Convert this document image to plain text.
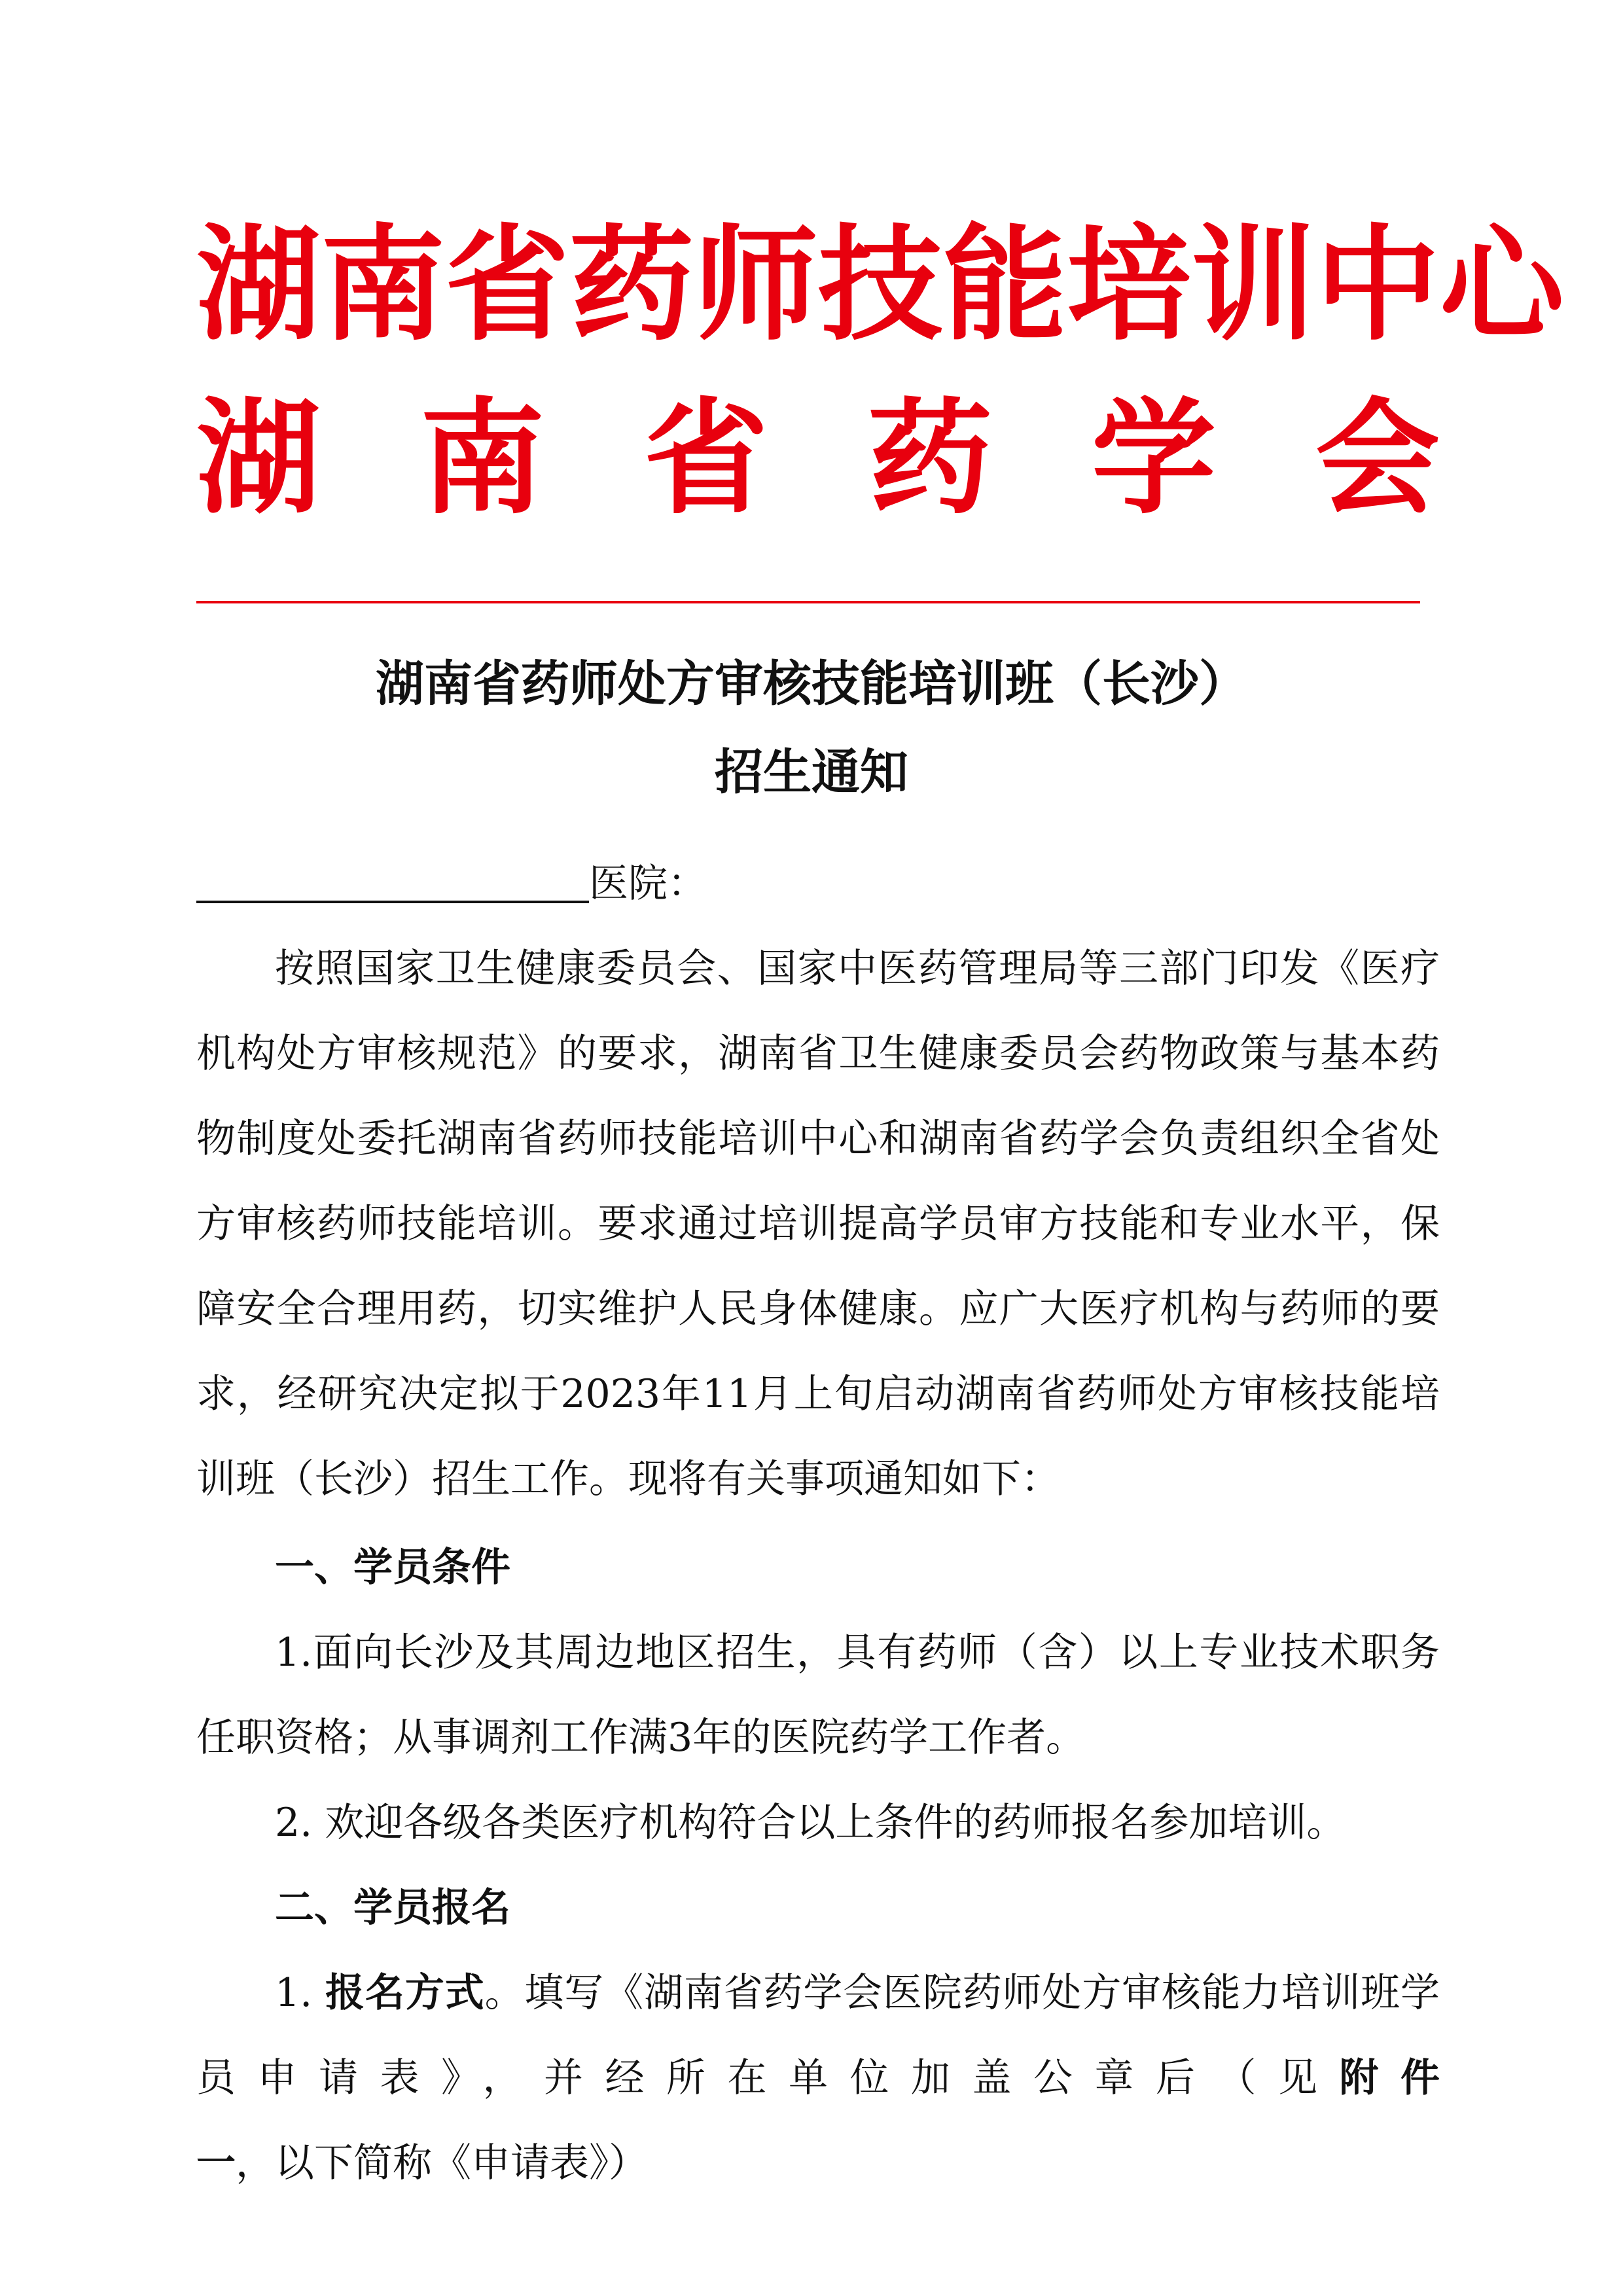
湖 南 省 药 师 技 能 培 训 中 心
湖 南 省 药 学 会
湖南省药师处方审核技能培训班（长沙）
招生通知
医院：

按照国家卫生健康委员会、国家中医药管理局等三部门印发《医疗机构处方审核规范》的要求，湖南省卫生健康委员会药物政策与基本药物制度处委托湖南省药师技能培训中心和湖南省药学会负责组织全省处方审核药师技能培训。要求通过培训提高学员审方技能和专业水平，保障安全合理用药，切实维护人民身体健康。应广大医疗机构与药师的要求，经研究决定拟于2023年11月上旬启动湖南省药师处方审核技能培训班（长沙）招生工作。现将有关事项通知如下：

一、学员条件

1.面向长沙及其周边地区招生，具有药师（含）以上专业技术职务任职资格；从事调剂工作满3年的医院药学工作者。

2. 欢迎各级各类医疗机构符合以上条件的药师报名参加培训。

二、学员报名

1. 报名方式。填写《湖南省药学会医院药师处方审核能力培训班学员申请表》，并经所在单位加盖公章后（见附件一，以下简称《申请表》）
